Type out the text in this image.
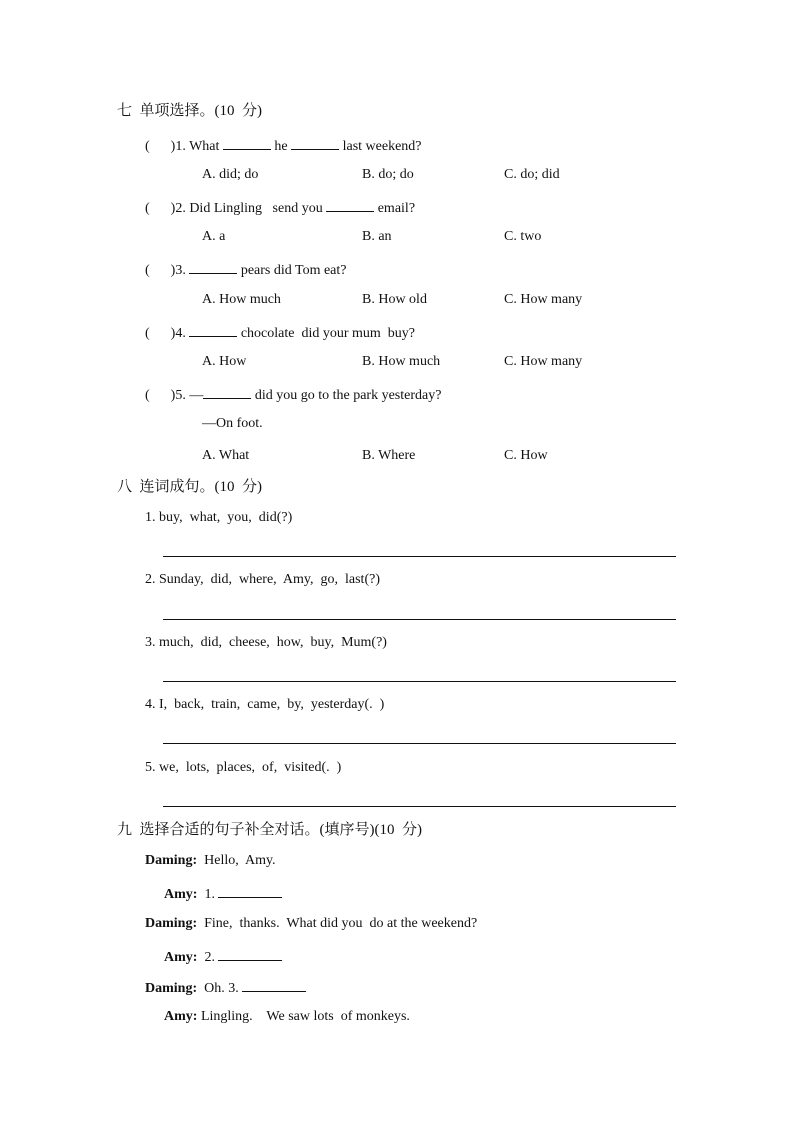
七  单项选择。(10  分)
(      )1. What	he	last weekend?
A. did; do	B. do; do	C. do; did
(      )2. Did Lingling   send you	email?
A. a	B. an	C. two
(      )3.	pears did Tom eat?
A. How much	B. How old	C. How many
(      )4.	chocolate  did your mum  buy?
A. How	B. How much	C. How many
(      )5. —	did you go to the park yesterday?
—On foot.
A. What	B. Where	C. How
八  连词成句。(10  分)
1. buy,  what,  you,  did(?)
2. Sunday,  did,  where,  Amy,  go,  last(?)
3. much,  did,  cheese,  how,  buy,  Mum(?)
4. I,  back,  train,  came,  by,  yesterday(.  )
5. we,  lots,  places,  of,  visited(.  )
九  选择合适的句子补全对话。(填序号)(10  分)
Daming:  Hello,  Amy.
Amy:  1.
Daming:  Fine,  thanks.  What did you  do at the weekend?
Amy:  2.
Daming:  Oh. 3.
Amy: Lingling.    We saw lots  of monkeys.
